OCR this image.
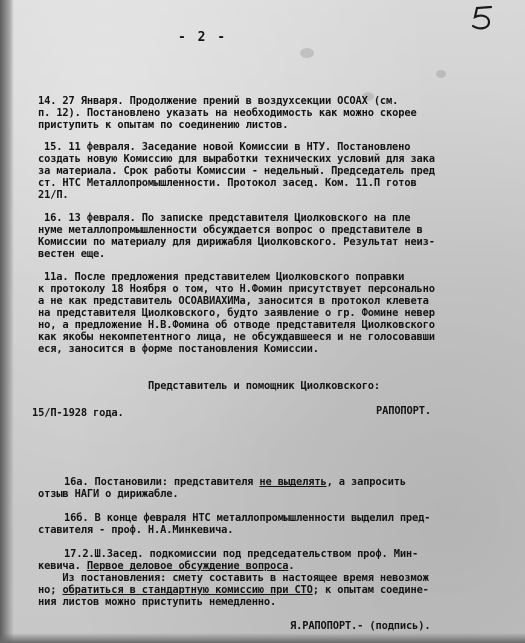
- 2 -
14. 27 Января. Продолжение прений в воздухсекции ОСОАХ (см.
п. 12). Постановлено указать на необходимость как можно скорее
приступить к опытам по соединению листов.
15. 11 февраля. Заседание новой Комиссии в НТУ. Постановлено
создать новую Комиссию для выработки технических условий для зака
за материала. Срок работы Комиссии - недельный. Председатель пред
ст. НТС Металлопромышленности. Протокол засед. Ком. 11.П готов
21/П.
16. 13 февраля. По записке представителя Циолковского на пле
нуме металлопромышленности обсуждается вопрос о представителе в
Комиссии по материалу для дирижабля Циолковского. Результат неиз-
вестен еще.
11а. После предложения представителем Циолковского поправки
к протоколу 18 Ноября о том, что Н.Фомин присутствует персонально
а не как представитель ОСОАВИАХИМа, заносится в протокол клевета
на представителя Циолковского, будто заявление о гр. Фомине невер
но, а предложение Н.В.Фомина об отводе представителя Циолковского
как якобы некомпетентного лица, не обсуждавшееся и не голосовавши
еся, заносится в форме постановления Комиссии.
Представитель и помощник Циолковского:
15/П-1928 года.	РАПОПОРТ.
16а. Постановили: представителя не выделять, а запросить
отзыв НАГИ о дирижабле.
16б. В конце февраля НТС металлопромышленности выделил пред-
ставителя - проф. Н.А.Минкевича.
17.2.Ш.Засед. подкомиссии под председательством проф. Мин-
кевича. Первое деловое обсуждение вопроса.
Из постановления: смету составить в настоящее время невозмож
но; обратиться в стандартную комиссию при СТО; к опытам соедине-
ния листов можно приступить немедленно.
Я.РАПОПОРТ.- (подпись).
